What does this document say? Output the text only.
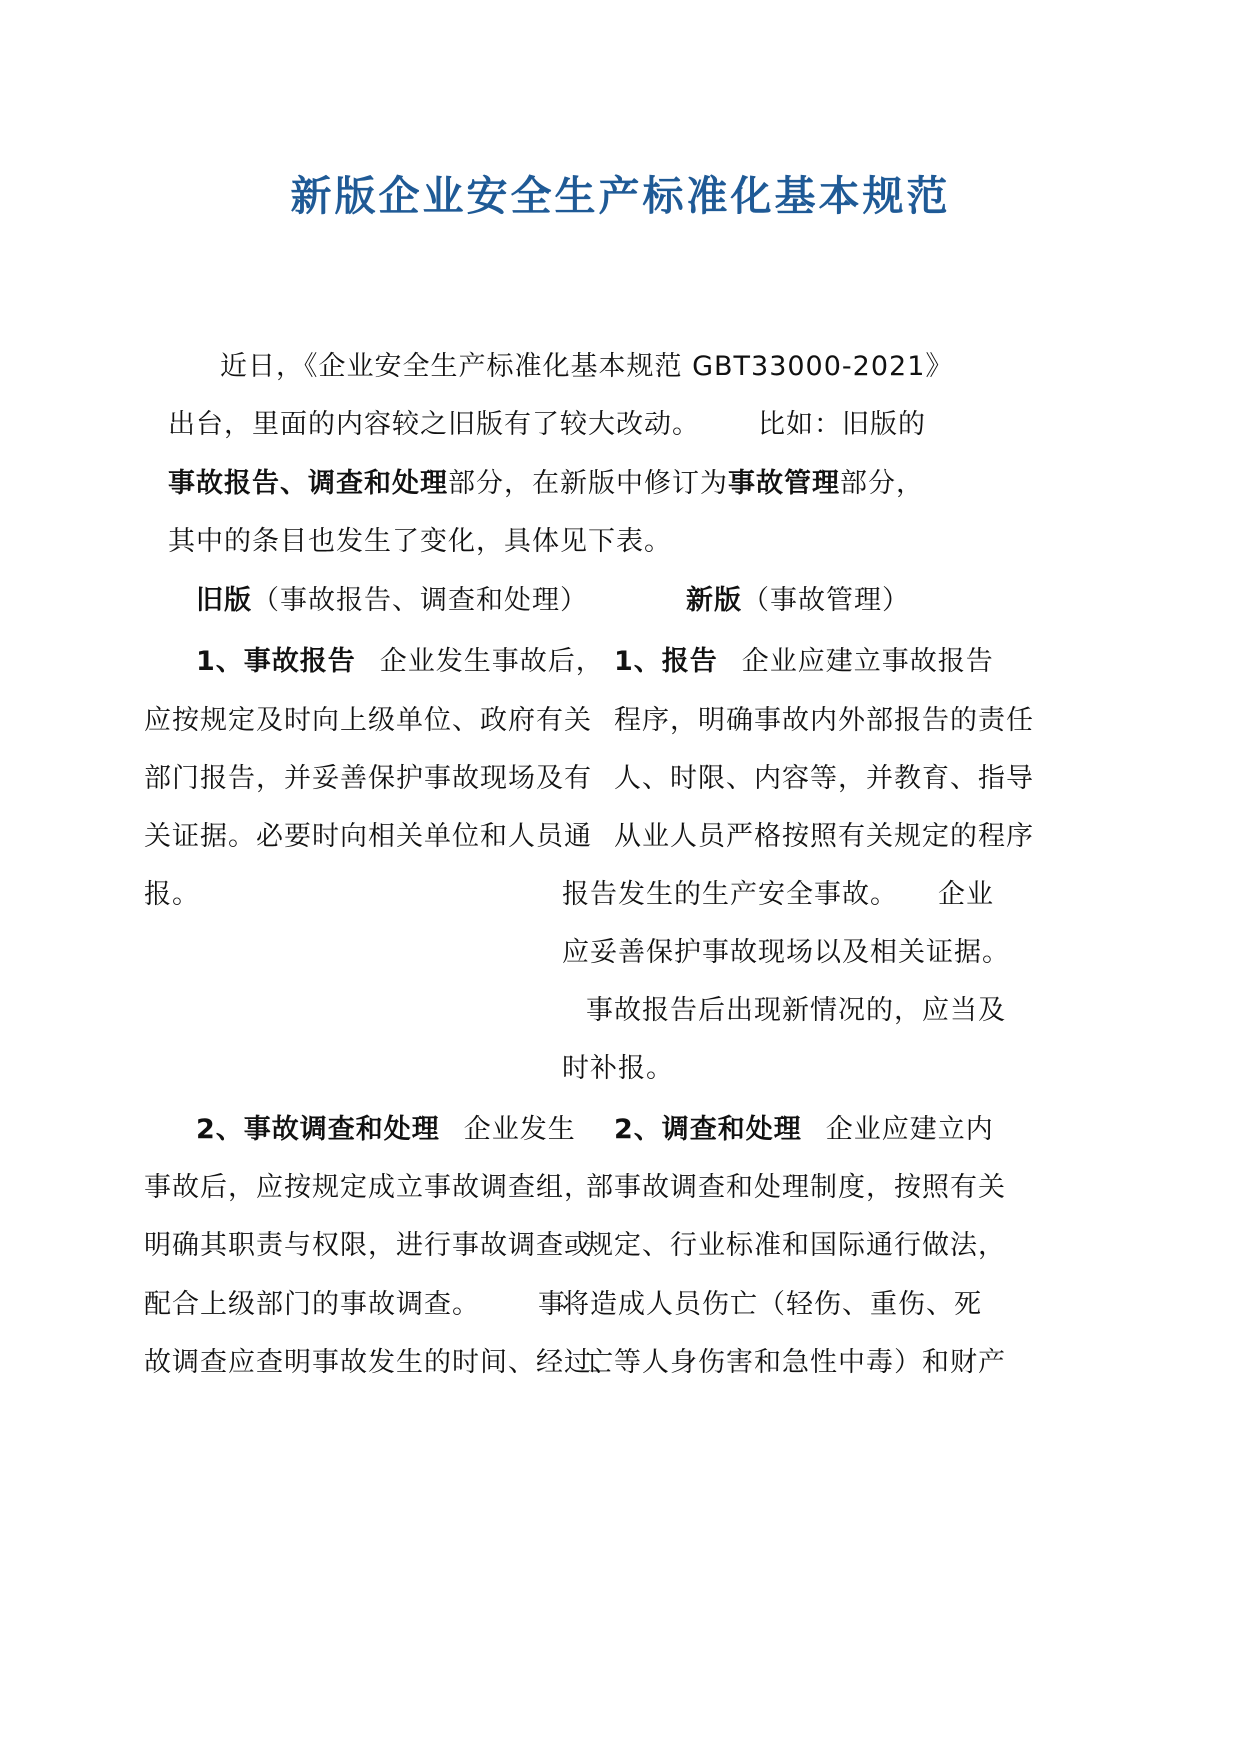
新版企业安全生产标准化基本规范
近日，《企业安全生产标准化基本规范 GBT33000-2021》
出台，里面的内容较之旧版有了较大改动。 比如：旧版的
事故报告、调查和处理部分，在新版中修订为事故管理部分，
其中的条目也发生了变化，具体见下表。
旧版（事故报告、调查和处理）	新版（事故管理）
1、事故报告 企业发生事故后， 1、报告 企业应建立事故报告
应按规定及时向上级单位、政府有关 程序，明确事故内外部报告的责任
部门报告，并妥善保护事故现场及有 人、时限、内容等，并教育、指导
关证据。必要时向相关单位和人员通 从业人员严格按照有关规定的程序
报。	报告发生的生产安全事故。 企业
应妥善保护事故现场以及相关证据。
事故报告后出现新情况的，应当及
时补报。
2、事故调查和处理 企业发生 2、调查和处理 企业应建立内
事故后，应按规定成立事故调查组，
部事故调查和处理制度，按照有关
明确其职责与权限，进行事故调查或
规定、行业标准和国际通行做法，
配合上级部门的事故调查。 事
将造成人员伤亡（轻伤、重伤、死
故调查应查明事故发生的时间、经过、
亡等人身伤害和急性中毒）和财产
